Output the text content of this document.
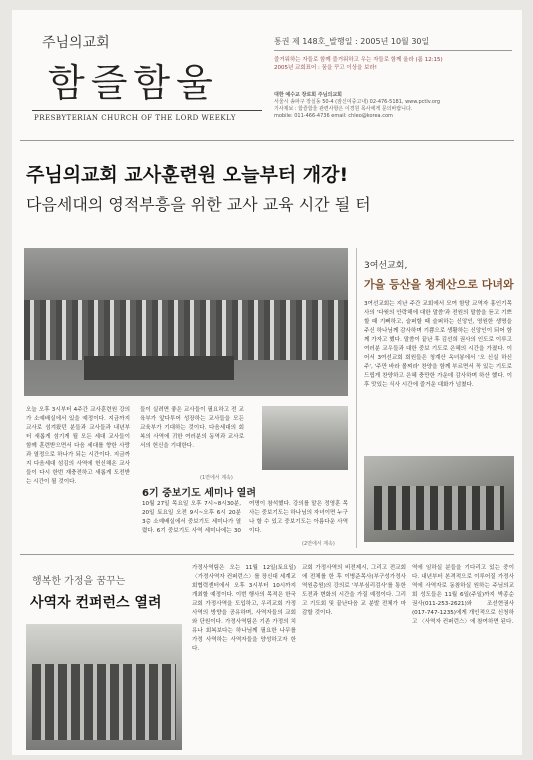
주님의교회
함즐함울
PRESBYTERIAN CHURCH OF THE LORD WEEKLY
통권 제 148호_발행일 : 2005년 10월 30일
즐거워하는 자들로 함께 즐거워하고 우는 자들로 함께 울라 (롬 12:15)
2005년 교회표어 : 꿈을 꾸고 이상을 보라!
대한 예수교 장로회 주님의교회
서울시 송파구 장실동 50-4 (잠신여중고내) 02-476-5181, www.pctlv.org
기사제보 : 함즐함울 관련사항은 이경원 목사에게 문의바랍니다.
mobile: 011-466-4736 email: chleo@korea.com
주님의교회 교사훈련원 오늘부터 개강!
다음세대의 영적부흥을 위한 교사 교육 시간 될 터
오늘 오후 3시부터 4주간 교사훈련원 강의가 소예배실에서 있을 예정이다. 지금까지 교사로 섬겨왔던 분들과 교사들과 내년부터 새롭게 섬기게 될 모든 세대 교사들이 함께 훈련받으면서 다음 세대를 향한 사랑과 열정으로 하나가 되는 시간이다. 지금까지 다음세대 섬김의 사역에 헌신해온 교사들이 다시 한번 재충전하고 새롭게 도전받는 시간이 될 것이다.
들이 실려면 좋은 교사들이 필요하고 전 교육부가 앞다투어 성장하는 교사들을 모든 교육부가 기대하는 것이다. 다음세대의 회복의 사역에 귀한 여러분의 동역과 교사로서의 헌신을 기대한다.
(1면에서 계속)
6기 중보기도 세미나 열려
10월 27일 목요일 오후 7시~8시30분, 20일 토요일 오전 9시~오후 6시 20분 3층 소예배실에서 중보기도 세미나가 열렸다. 6기 중보기도 사역 세미나에는 30여명이 참석했다. 강의를 맡은 정영훈 목사는 중보기도는 하나님의 자녀이면 누구나 할 수 있고 중보기도는 아름다운 사역이다.
(2면에서 계속)
3여선교회,
가을 등산을 청계산으로 다녀와
3여선교회는 지난 주간 교회에서 모여 함당 교역자 홍인기목사의 '다윗의 안락해에 대한 말씀'과 전원의 말씀을 듣고 기쁘할 때 기뻐하고, 슬퍼할 때 슬퍼하는 신앙인, 영원한 생명을 주신 하나님께 감사하며 기쁨으로 생활하는 신앙인이 되어 함께 가자고 했다. 말씀이 끝난 후 김선희 권사의 인도로 이루고 여러분 교우들과 대한 중보 기도로 은혜의 시간을 가졌다. 이어서 3여선교회 회원들은 청계산 옥녀봉에서 '오 신실 하신 주', '주만 바라 볼찌라' 찬양을 함께 부르면서 꼭 있는 기도로드립게 찬양하고 은혜 충만한 가운데 감사하며 하산 했다. 이후 맛있는 식사 시간에 즐거운 대화가 넘쳤다.
행복한 가정을 꿈꾸는
사역자 컨퍼런스 열려
가정사역팀은 오는 11월 12일(토요일) 〈가정사역자 컨퍼런스〉를 장신대 세계교회협력센터에서 오후 3시부터 10시까지 개최할 예정이다. 이번 행사의 목적은 한국교회 가정사역을 도입하고, 우리교회 가정사역의 방향을 공유하며, 사역자들의 교회와 단원이다. 가정사역팀은 기존 가정의 치유나 회복보다는 하나님께 필요한 나무를 가정 사역하는 사역자들을 양성하고자 한다.
교회 가정사역의 비전제시, 그리고 전교회에 전체를 한 후 이병준목사(부구성가정사역원총원)의 강의로 '부부심리검사'를 통한 도전과 변화의 시간을 가질 예정이다. 그리고 기도회 및 끝난다음 교 분발 전체가 마감할 것이다.
역에 임하실 분들을 기다리고 있는 중이다. 내년부터 본격적으로 이루어질 가정사역에 사역자로 동참하실 원하는 주님의교회 성도들은 11월 6일(주일)까지 박종순권사(011-253-2621)와 조선현권사(017-747-1235)에게 개인적으로 신청하고 〈사역자 컨퍼런스〉에 참여하면 된다.
